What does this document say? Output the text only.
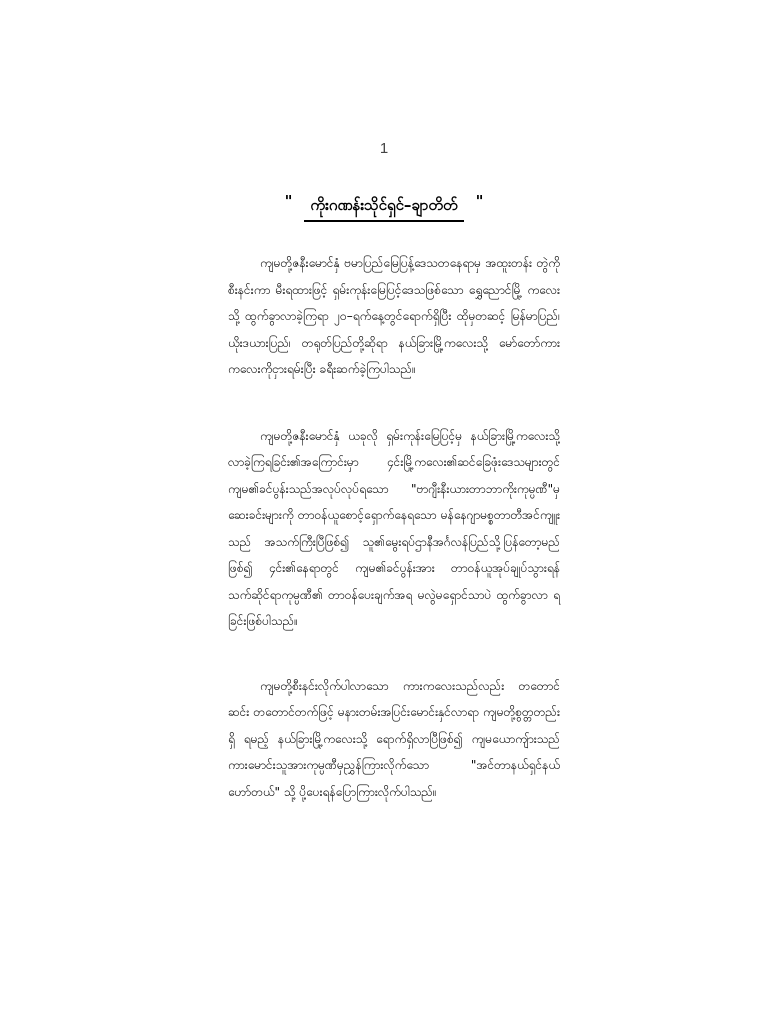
1
" ကိုးဂဏန်းသိုင်ရှင်–ချာတိတ် "

ကျမတို့ဇနီးမောင်နှံ ဗမာပြည်မြေပြန့်ဒေသတနေရာမှ အထူးတန်း တွဲကိုစီးနင်းကာ မီးရထားဖြင့် ရှမ်းကုန်းမြေပြင့်ဒေသဖြစ်သော ရွှေညောင်မြို့ ကလေးသို့ ထွက်ခွာလာခဲ့ကြရာ ၂၀–ရက်နေ့တွင်ရောက်ရှိပြီး ထိုမှတဆင့် မြန်မာပြည်၊ ယိုးဒယားပြည်၊ တရုတ်ပြည်တို့ဆိုရာ နယ်ခြားမြို့ကလေးသို့ မော်တော်ကားကလေးကိုငှားရမ်းပြီး ခရီးဆက်ခဲ့ကြပါသည်။

ကျမတို့ဇနီးမောင်နှံ ယခုလို ရှမ်းကုန်းမြေပြင့်မှ နယ်ခြားမြို့ကလေးသို့ လာခဲ့ကြရခြင်း၏အကြောင်းမှာ ၄င်းမြို့ကလေး၏ဆင်ခြေဖုံးဒေသများတွင် ကျမ၏ခင်ပွန်းသည်အလုပ်လုပ်ရသော "ဗာဂျီးနီးယားတာဘာကိုးကုမ္ပဏီ"မှ ဆေးခင်းများကို တာဝန်ယူစောင့်ရှောက်နေရသော မန်နေဂျာမစ္စတာတီအင်ကျူး သည် အသက်ကြီးပြီဖြစ်၍ သူ၏မွေးရပ်ဌာနီအင်္ဂလန်ပြည်သို့ပြန်တော့မည် ဖြစ်၍ ၄င်း၏နေရာတွင် ကျမ၏ခင်ပွန်းအား တာဝန်ယူအုပ်ချုပ်သွားရန် သက်ဆိုင်ရာကုမ္ပဏီ၏ တာဝန်ပေးချက်အရ မလွဲမရှောင်သာပဲ ထွက်ခွာလာ ရခြင်းဖြစ်ပါသည်။

ကျမတို့စီးနင်းလိုက်ပါလာသော ကားကလေးသည်လည်း တတောင်ဆင်း တတောင်တက်ဖြင့် မနားတမ်းအပြင်းမောင်းနှင်လာရာ ကျမတို့စွတ္တတည်းရှိ ရမည့် နယ်ခြားမြို့ကလေးသို့ ရောက်ရှိလာပြီဖြစ်၍ ကျမယောကျ်ားသည် ကားမောင်းသူအားကုမ္ပဏီမှညွှန်ကြားလိုက်သော "အင်တာနယ်ရှင်နယ်ဟော်တယ်" သို့ ပို့ပေးရန်ပြောကြားလိုက်ပါသည်။
